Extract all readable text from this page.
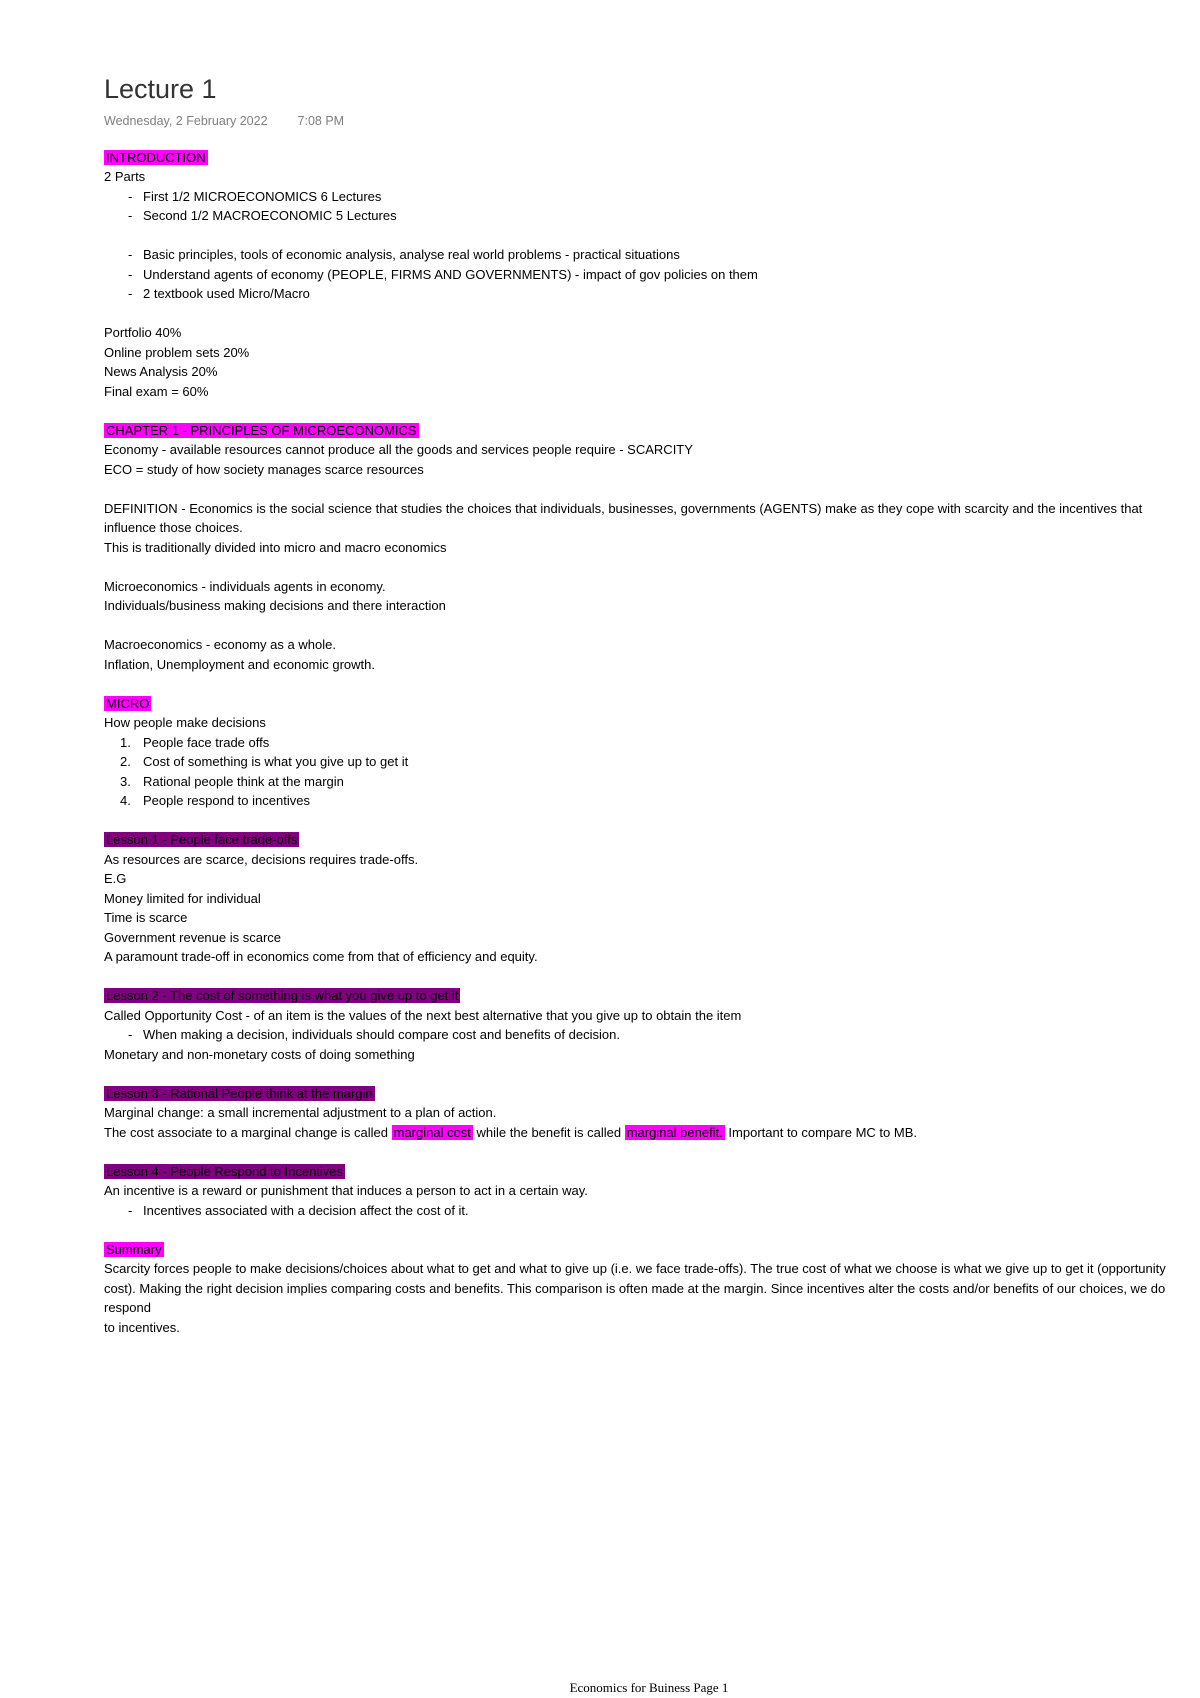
Lecture 1
Wednesday, 2 February 2022 7:08 PM
INTRODUCTION
2 Parts
- First 1/2 MICROECONOMICS 6 Lectures
- Second 1/2 MACROECONOMIC 5 Lectures
- Basic principles, tools of economic analysis, analyse real world problems - practical situations
- Understand agents of economy (PEOPLE, FIRMS AND GOVERNMENTS) - impact of gov policies on them
- 2 textbook used Micro/Macro
Portfolio 40%
Online problem sets 20%
News Analysis 20%
Final exam = 60%
CHAPTER 1 - PRINCIPLES OF MICROECONOMICS
Economy - available resources cannot produce all the goods and services people require - SCARCITY
ECO = study of how society manages scarce resources
DEFINITION - Economics is the social science that studies the choices that individuals, businesses, governments (AGENTS) make as they cope with scarcity and the incentives that influence those choices.
This is traditionally divided into micro and macro economics
Microeconomics - individuals agents in economy.
Individuals/business making decisions and there interaction
Macroeconomics - economy as a whole.
Inflation, Unemployment and economic growth.
MICRO
How people make decisions
1. People face trade offs
2. Cost of something is what you give up to get it
3. Rational people think at the margin
4. People respond to incentives
Lesson 1 - People face trade-offs
As resources are scarce, decisions requires trade-offs.
E.G
Money limited for individual
Time is scarce
Government revenue is scarce
A paramount trade-off in economics come from that of efficiency and equity.
Lesson 2 - The cost of something is what you give up to get it
Called Opportunity Cost - of an item is the values of the next best alternative that you give up to obtain the item
- When making a decision, individuals should compare cost and benefits of decision.
Monetary and non-monetary costs of doing something
Lesson 3 - Rational People think at the margin
Marginal change: a small incremental adjustment to a plan of action.
The cost associate to a marginal change is called marginal cost while the benefit is called marginal benefit. Important to compare MC to MB.
Lesson 4 - People Respond to Incentives
An incentive is a reward or punishment that induces a person to act in a certain way.
- Incentives associated with a decision affect the cost of it.
Summary
Scarcity forces people to make decisions/choices about what to get and what to give up (i.e. we face trade-offs). The true cost of what we choose is what we give up to get it (opportunity cost). Making the right decision implies comparing costs and benefits. This comparison is often made at the margin. Since incentives alter the costs and/or benefits of our choices, we do respond
to incentives.
Economics for Buiness Page 1
